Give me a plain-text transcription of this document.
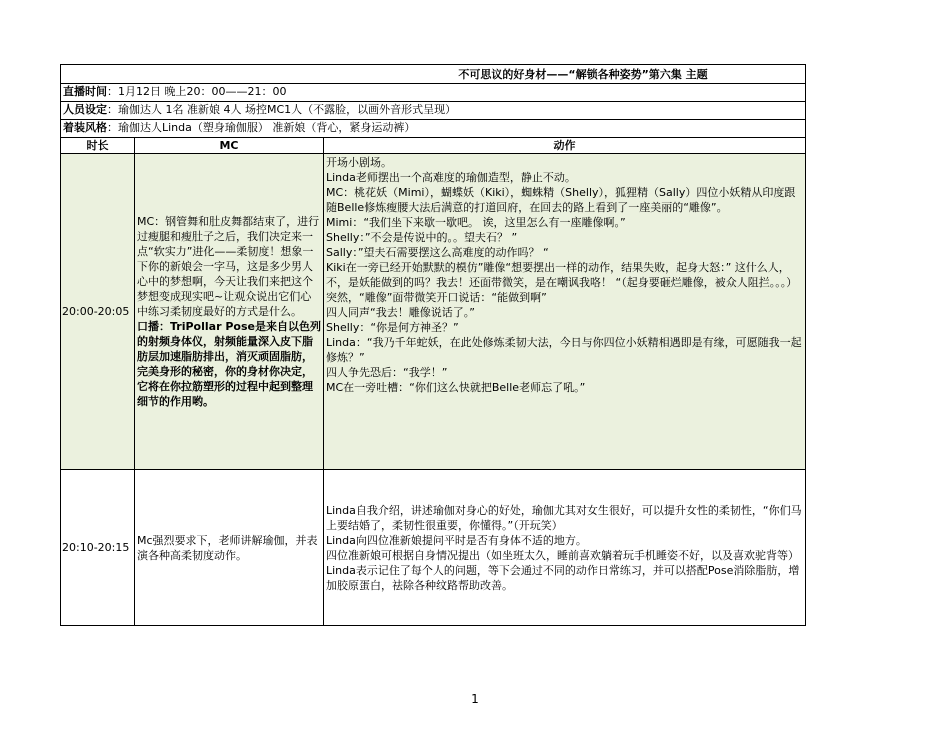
不可思议的好身材——“解锁各种姿势”第六集 主题
直播时间：1月12日 晚上20：00——21：00
人员设定：瑜伽达人 1名 准新娘 4人 场控MC1人（不露脸，以画外音形式呈现）
着装风格：瑜伽达人Linda（塑身瑜伽服） 准新娘（背心，紧身运动裤）
时长	MC	动作
20:00-20:05
MC：钢管舞和肚皮舞都结束了，进行过瘦腿和瘦肚子之后，我们决定来一点“软实力”进化——柔韧度！想象一下你的新娘会一字马，这是多少男人心中的梦想啊，今天让我们来把这个梦想变成现实吧~让观众说出它们心中练习柔韧度最好的方式是什么。
口播：TriPollar Pose是来自以色列的射频身体仪，射频能量深入皮下脂肪层加速脂肪排出，消灭顽固脂肪，完美身形的秘密，你的身材你决定，它将在你拉筋塑形的过程中起到整理细节的作用哟。
开场小剧场。
Linda老师摆出一个高难度的瑜伽造型，静止不动。
MC：桃花妖（Mimi），蝴蝶妖（Kiki），蜘蛛精（Shelly），狐狸精（Sally）四位小妖精从印度跟随Belle修炼瘦腰大法后满意的打道回府，在回去的路上看到了一座美丽的“雕像”。
Mimi：“我们坐下来歇一歇吧。 诶，这里怎么有一座雕像啊。”
Shelly：”不会是传说中的。。望夫石？ ”
Sally：”望夫石需要摆这么高难度的动作吗？ “
Kiki在一旁已经开始默默的模仿”雕像“想要摆出一样的动作，结果失败，起身大怒：” 这什么人，不，是妖能做到的吗？我去！还面带微笑，是在嘲讽我咯！ “（起身要砸烂雕像，被众人阻拦。。。）
突然，“雕像”面带微笑开口说话：“能做到啊”
四人同声“我去！雕像说话了。”
Shelly：“你是何方神圣？”
Linda：“我乃千年蛇妖，在此处修炼柔韧大法，今日与你四位小妖精相遇即是有缘，可愿随我一起修炼？”
四人争先恐后：“我学！”
MC在一旁吐槽：“你们这么快就把Belle老师忘了吼。”
20:10-20:15
Mc强烈要求下，老师讲解瑜伽，并表演各种高柔韧度动作。
Linda自我介绍，讲述瑜伽对身心的好处，瑜伽尤其对女生很好，可以提升女性的柔韧性，“你们马上要结婚了，柔韧性很重要，你懂得。”（开玩笑）
Linda向四位准新娘提问平时是否有身体不适的地方。
四位准新娘可根据自身情况提出（如坐班太久，睡前喜欢躺着玩手机睡姿不好，以及喜欢驼背等）
Linda表示记住了每个人的问题，等下会通过不同的动作日常练习，并可以搭配Pose消除脂肪，增加胶原蛋白，祛除各种纹路帮助改善。
1
